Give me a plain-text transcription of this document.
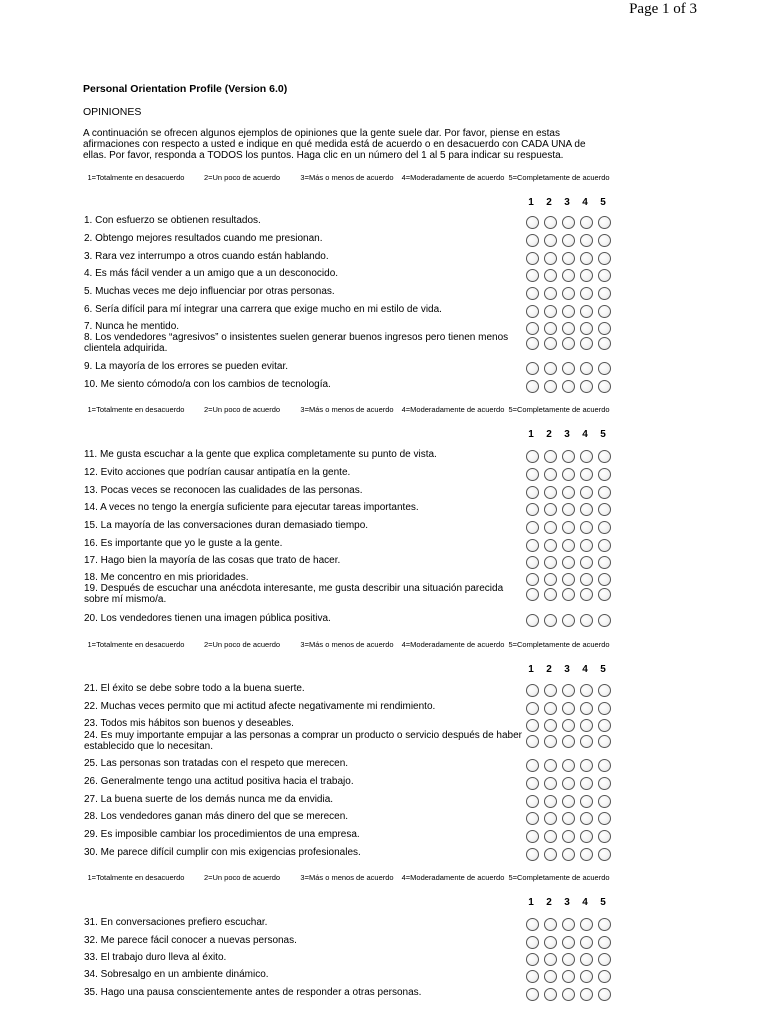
Page 1 of 3
Personal Orientation Profile (Version 6.0)
OPINIONES
A continuación se ofrecen algunos ejemplos de opiniones que la gente suele dar. Por favor, piense en estas afirmaciones con respecto a usted e indique en qué medida está de acuerdo o en desacuerdo con CADA UNA de ellas. Por favor, responda a TODOS los puntos. Haga clic en un número del 1 al 5 para indicar su respuesta.
1=Totalmente en desacuerdo	2=Un poco de acuerdo	3=Más o menos de acuerdo	4=Moderadamente de acuerdo 5=Completamente de acuerdo
1	2	3	4	5
1. Con esfuerzo se obtienen resultados.
2. Obtengo mejores resultados cuando me presionan.
3. Rara vez interrumpo a otros cuando están hablando.
4. Es más fácil vender a un amigo que a un desconocido.
5. Muchas veces me dejo influenciar por otras personas.
6. Sería difícil para mí integrar una carrera que exige mucho en mi estilo de vida.
7. Nunca he mentido.
8. Los vendedores “agresivos” o insistentes suelen generar buenos ingresos pero tienen menos clientela adquirida.
9. La mayoría de los errores se pueden evitar.
10. Me siento cómodo/a con los cambios de tecnología.
1=Totalmente en desacuerdo	2=Un poco de acuerdo	3=Más o menos de acuerdo	4=Moderadamente de acuerdo 5=Completamente de acuerdo
1	2	3	4	5
11. Me gusta escuchar a la gente que explica completamente su punto de vista.
12. Evito acciones que podrían causar antipatía en la gente.
13. Pocas veces se reconocen las cualidades de las personas.
14. A veces no tengo la energía suficiente para ejecutar tareas importantes.
15. La mayoría de las conversaciones duran demasiado tiempo.
16. Es importante que yo le guste a la gente.
17. Hago bien la mayoría de las cosas que trato de hacer.
18. Me concentro en mis prioridades.
19. Después de escuchar una anécdota interesante, me gusta describir una situación parecida sobre mí mismo/a.
20. Los vendedores tienen una imagen pública positiva.
1=Totalmente en desacuerdo	2=Un poco de acuerdo	3=Más o menos de acuerdo	4=Moderadamente de acuerdo 5=Completamente de acuerdo
1	2	3	4	5
21. El éxito se debe sobre todo a la buena suerte.
22. Muchas veces permito que mi actitud afecte negativamente mi rendimiento.
23. Todos mis hábitos son buenos y deseables.
24. Es muy importante empujar a las personas a comprar un producto o servicio después de haber establecido que lo necesitan.
25. Las personas son tratadas con el respeto que merecen.
26. Generalmente tengo una actitud positiva hacia el trabajo.
27. La buena suerte de los demás nunca me da envidia.
28. Los vendedores ganan más dinero del que se merecen.
29. Es imposible cambiar los procedimientos de una empresa.
30. Me parece difícil cumplir con mis exigencias profesionales.
1=Totalmente en desacuerdo	2=Un poco de acuerdo	3=Más o menos de acuerdo	4=Moderadamente de acuerdo 5=Completamente de acuerdo
1	2	3	4	5
31. En conversaciones prefiero escuchar.
32. Me parece fácil conocer a nuevas personas.
33. El trabajo duro lleva al éxito.
34. Sobresalgo en un ambiente dinámico.
35. Hago una pausa conscientemente antes de responder a otras personas.
